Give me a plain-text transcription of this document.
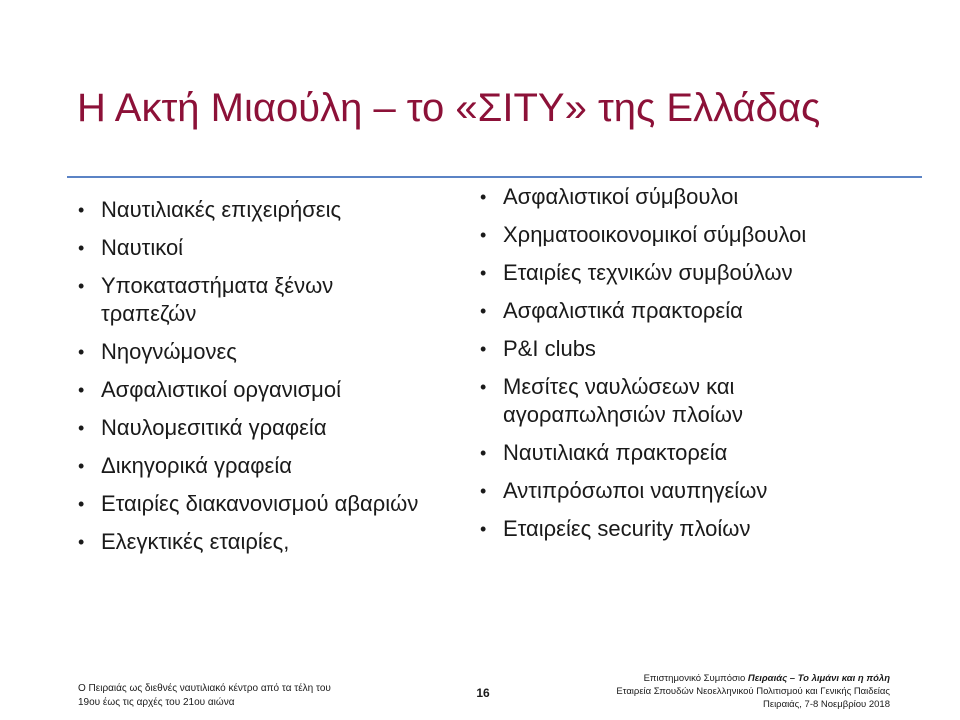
Η Ακτή Μιαούλη – το «ΣΙΤΥ» της Ελλάδας
• Ναυτιλιακές επιχειρήσεις
• Ναυτικοί
• Υποκαταστήματα ξένων
τραπεζών
• Νηογνώμονες
• Ασφαλιστικοί οργανισμοί
• Ναυλομεσιτικά γραφεία
• Δικηγορικά γραφεία
• Εταιρίες διακανονισμού αβαριών
• Ελεγκτικές εταιρίες,
• Ασφαλιστικοί σύμβουλοι
• Χρηματοοικονομικοί σύμβουλοι
• Εταιρίες τεχνικών συμβούλων
• Ασφαλιστικά πρακτορεία
• P&I clubs
• Μεσίτες ναυλώσεων και
αγοραπωλησιών πλοίων
• Ναυτιλιακά πρακτορεία
• Αντιπρόσωποι ναυπηγείων
• Εταιρείες security πλοίων
Ο Πειραιάς ως διεθνές ναυτιλιακό κέντρο από τα τέλη του
19ου έως τις αρχές του 21ου αιώνα
16
Επιστημονικό Συμπόσιο Πειραιάς – Το λιμάνι και η πόλη
Εταιρεία Σπουδών Νεοελληνικού Πολιτισμού και Γενικής Παιδείας
Πειραιάς, 7-8 Νοεμβρίου 2018
